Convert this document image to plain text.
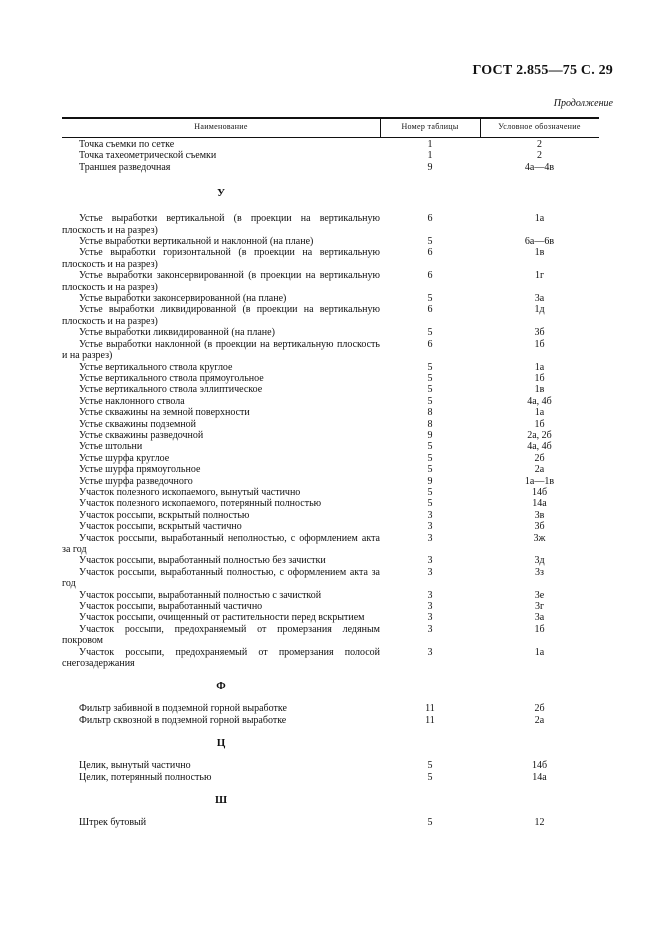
ГОСТ 2.855—75 С. 29
Продолжение
Наименование	Номер таблицы	Условное обозначение
Точка съемки по сетке	1	2
Точка тахеометрической съемки	1	2
Траншея разведочная	9	4а—4в
У
Устье выработки вертикальной (в проекции на вертикальную плоскость и на разрез)
6	1а
Устье выработки вертикальной и наклонной (на плане)	5	6а—6в
Устье выработки горизонтальной (в проекции на вертикальную плоскость и на разрез)
6	1в
Устье выработки законсервированной (в проекции на вертикальную плоскость и на разрез)
6	1г
Устье выработки законсервированной (на плане)	5	3а
Устье выработки ликвидированной (в проекции на вертикальную плоскость и на разрез)
6	1д
Устье выработки ликвидированной (на плане)	5	3б
Устье выработки наклонной (в проекции на вертикальную плоскость и на разрез)
6	1б
Устье вертикального ствола круглое	5	1а
Устье вертикального ствола прямоугольное	5	1б
Устье вертикального ствола эллиптическое	5	1в
Устье наклонного ствола	5	4а, 4б
Устье скважины на земной поверхности	8	1а
Устье скважины подземной	8	1б
Устье скважины разведочной	9	2а, 2б
Устье штольни	5	4а, 4б
Устье шурфа круглое	5	2б
Устье шурфа прямоугольное	5	2а
Устье шурфа разведочного	9	1а—1в
Участок полезного ископаемого, вынутый частично	5	14б
Участок полезного ископаемого, потерянный полностью	5	14а
Участок россыпи, вскрытый полностью	3	3в
Участок россыпи, вскрытый частично	3	3б
Участок россыпи, выработанный неполностью, с оформлением акта за год
3	3ж
Участок россыпи, выработанный полностью без зачистки	3	3д
Участок россыпи, выработанный полностью, с оформлением акта за год
3	3з
Участок россыпи, выработанный полностью с зачисткой	3	3е
Участок россыпи, выработанный частично	3	3г
Участок россыпи, очищенный от растительности перед вскрытием	3	3а
Участок россыпи, предохраняемый от промерзания ледяным покровом
3	1б
Участок россыпи, предохраняемый от промерзания полосой снегозадержания
3	1а
Ф
Фильтр забивной в подземной горной выработке	11	2б
Фильтр сквозной в подземной горной выработке	11	2а
Ц
Целик, вынутый частично	5	14б
Целик, потерянный полностью	5	14а
Ш
Штрек бутовый	5	12
